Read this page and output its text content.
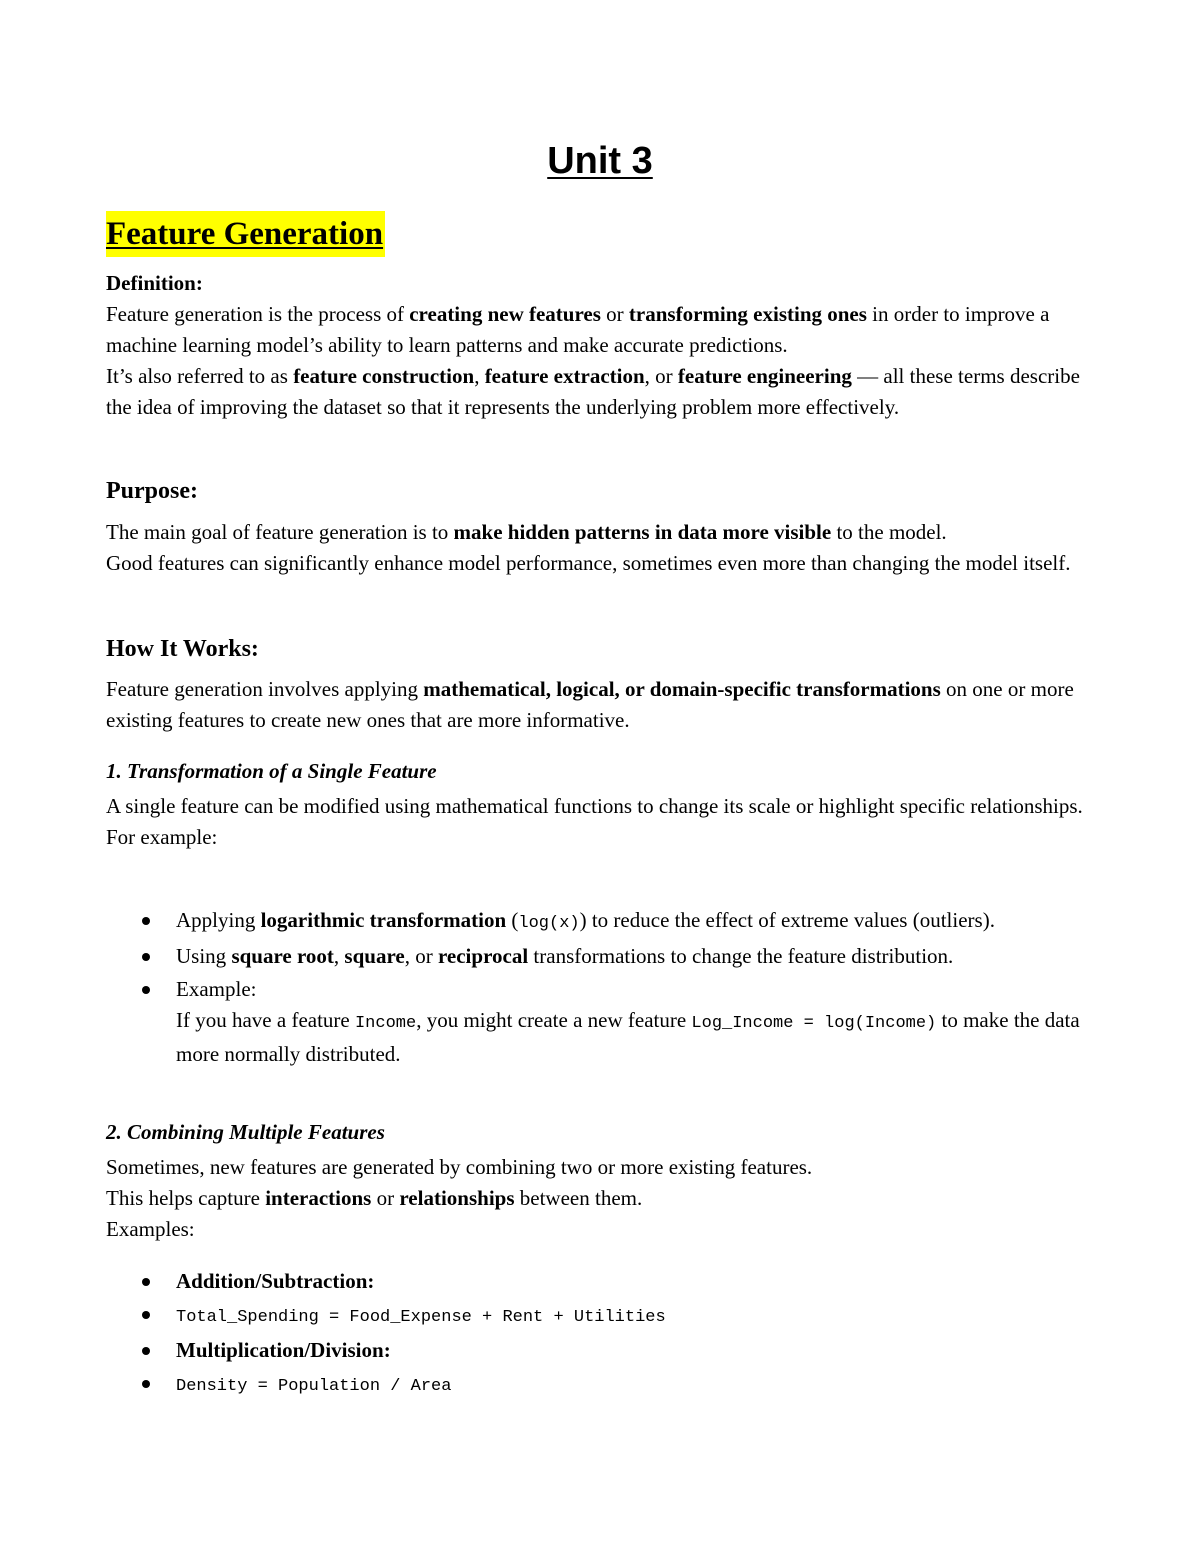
Unit 3
Feature Generation
Definition:
Feature generation is the process of creating new features or transforming existing ones in order to improve a machine learning model’s ability to learn patterns and make accurate predictions.
It’s also referred to as feature construction, feature extraction, or feature engineering — all these terms describe the idea of improving the dataset so that it represents the underlying problem more effectively.
Purpose:
The main goal of feature generation is to make hidden patterns in data more visible to the model.
Good features can significantly enhance model performance, sometimes even more than changing the model itself.
How It Works:
Feature generation involves applying mathematical, logical, or domain-specific transformations on one or more existing features to create new ones that are more informative.
1. Transformation of a Single Feature
A single feature can be modified using mathematical functions to change its scale or highlight specific relationships.
For example:
Applying logarithmic transformation (log(x)) to reduce the effect of extreme values (outliers).
Using square root, square, or reciprocal transformations to change the feature distribution.
Example:
If you have a feature Income, you might create a new feature Log_Income = log(Income) to make the data more normally distributed.
2. Combining Multiple Features
Sometimes, new features are generated by combining two or more existing features.
This helps capture interactions or relationships between them.
Examples:
Addition/Subtraction:
Total_Spending = Food_Expense + Rent + Utilities
Multiplication/Division:
Density = Population / Area
